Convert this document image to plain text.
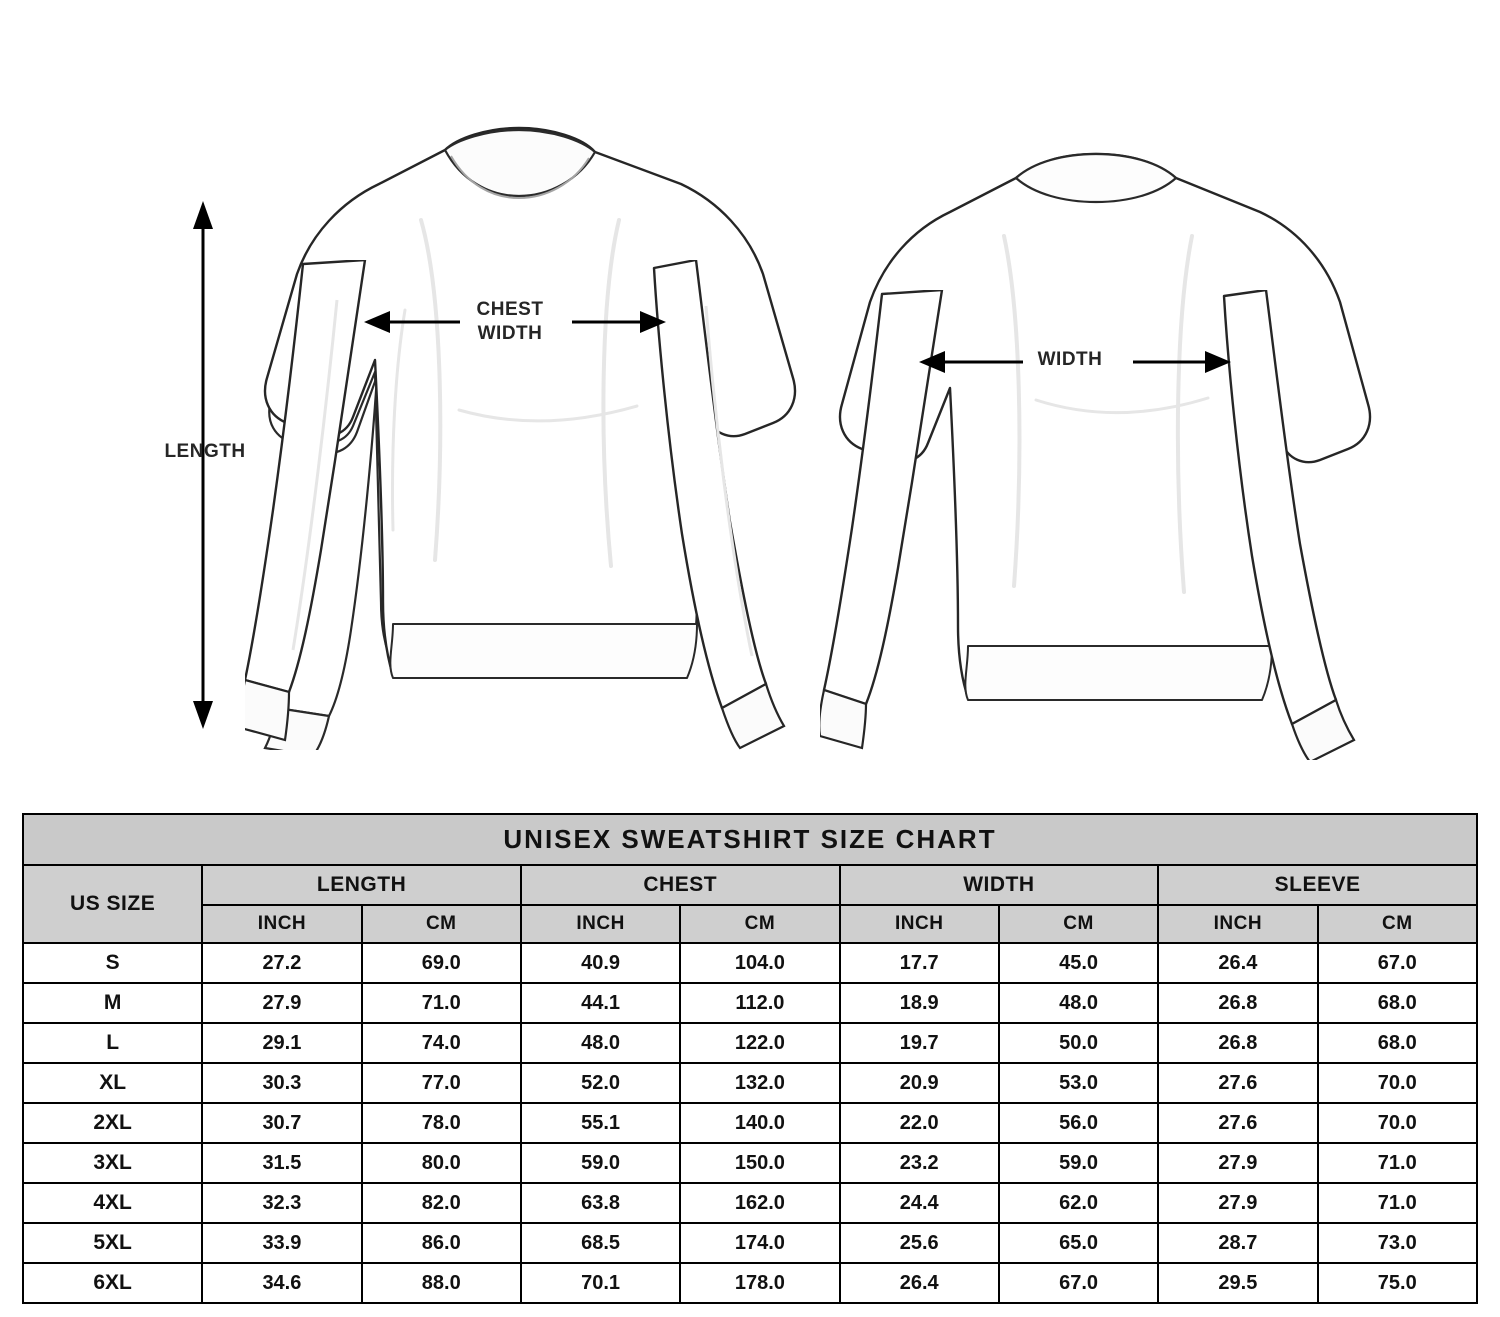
LENGTH
CHEST
WIDTH
WIDTH
UNISEX SWEATSHIRT SIZE CHART								
US SIZE	LENGTH		CHEST		WIDTH		SLEEVE	
	INCH	CM	INCH	CM	INCH	CM	INCH	CM
S	27.2	69.0	40.9	104.0	17.7	45.0	26.4	67.0
M	27.9	71.0	44.1	112.0	18.9	48.0	26.8	68.0
L	29.1	74.0	48.0	122.0	19.7	50.0	26.8	68.0
XL	30.3	77.0	52.0	132.0	20.9	53.0	27.6	70.0
2XL	30.7	78.0	55.1	140.0	22.0	56.0	27.6	70.0
3XL	31.5	80.0	59.0	150.0	23.2	59.0	27.9	71.0
4XL	32.3	82.0	63.8	162.0	24.4	62.0	27.9	71.0
5XL	33.9	86.0	68.5	174.0	25.6	65.0	28.7	73.0
6XL	34.6	88.0	70.1	178.0	26.4	67.0	29.5	75.0
